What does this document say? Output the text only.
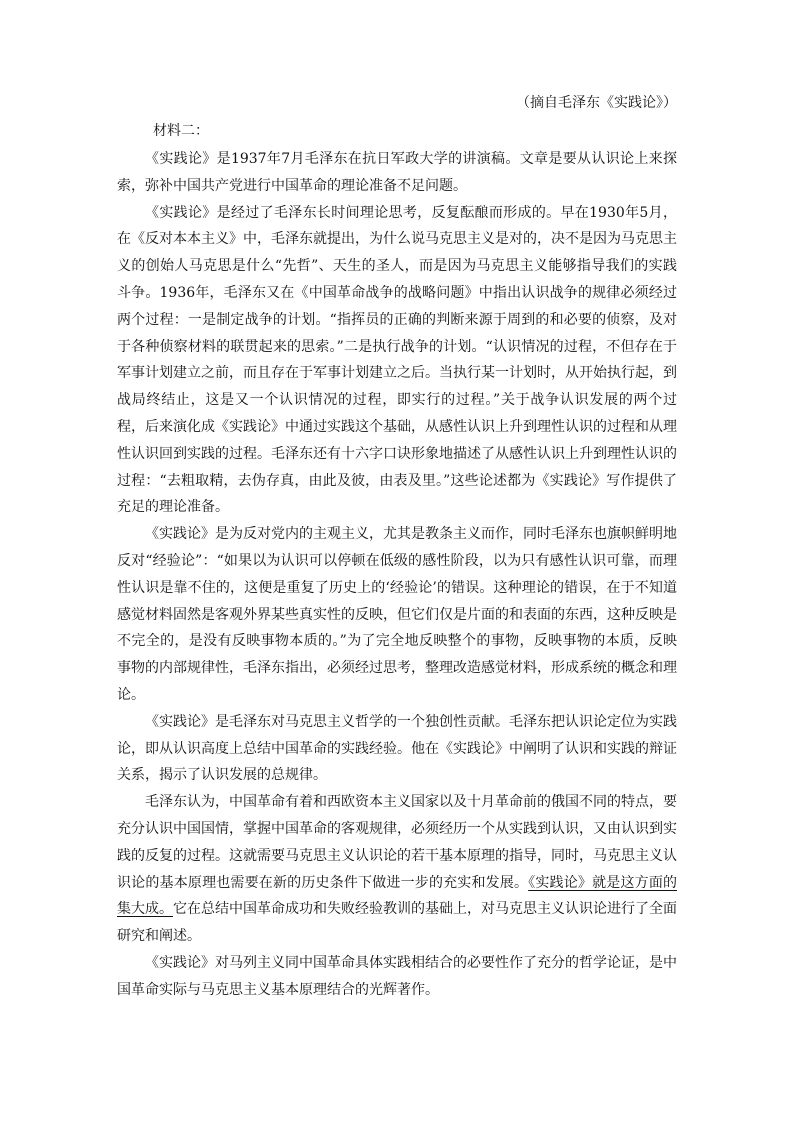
（摘自毛泽东《实践论》）
材料二：

《实践论》是1937年7月毛泽东在抗日军政大学的讲演稿。文章是要从认识论上来探索，弥补中国共产党进行中国革命的理论准备不足问题。

《实践论》是经过了毛泽东长时间理论思考，反复酝酿而形成的。早在1930年5月，在《反对本本主义》中，毛泽东就提出，为什么说马克思主义是对的，决不是因为马克思主义的创始人马克思是什么“先哲”、天生的圣人，而是因为马克思主义能够指导我们的实践斗争。1936年，毛泽东又在《中国革命战争的战略问题》中指出认识战争的规律必须经过两个过程：一是制定战争的计划。“指挥员的正确的判断来源于周到的和必要的侦察，及对于各种侦察材料的联贯起来的思索。”二是执行战争的计划。“认识情况的过程，不但存在于军事计划建立之前，而且存在于军事计划建立之后。当执行某一计划时，从开始执行起，到战局终结止，这是又一个认识情况的过程，即实行的过程。”关于战争认识发展的两个过程，后来演化成《实践论》中通过实践这个基础，从感性认识上升到理性认识的过程和从理性认识回到实践的过程。毛泽东还有十六字口诀形象地描述了从感性认识上升到理性认识的过程：“去粗取精，去伪存真，由此及彼，由表及里。”这些论述都为《实践论》写作提供了充足的理论准备。

《实践论》是为反对党内的主观主义，尤其是教条主义而作，同时毛泽东也旗帜鲜明地反对“经验论”：“如果以为认识可以停顿在低级的感性阶段，以为只有感性认识可靠，而理性认识是靠不住的，这便是重复了历史上的‘经验论’的错误。这种理论的错误，在于不知道感觉材料固然是客观外界某些真实性的反映，但它们仅是片面的和表面的东西，这种反映是不完全的，是没有反映事物本质的。”为了完全地反映整个的事物，反映事物的本质，反映事物的内部规律性，毛泽东指出，必须经过思考，整理改造感觉材料，形成系统的概念和理论。

《实践论》是毛泽东对马克思主义哲学的一个独创性贡献。毛泽东把认识论定位为实践论，即从认识高度上总结中国革命的实践经验。他在《实践论》中阐明了认识和实践的辩证关系，揭示了认识发展的总规律。

毛泽东认为，中国革命有着和西欧资本主义国家以及十月革命前的俄国不同的特点，要充分认识中国国情，掌握中国革命的客观规律，必须经历一个从实践到认识，又由认识到实践的反复的过程。这就需要马克思主义认识论的若干基本原理的指导，同时，马克思主义认识论的基本原理也需要在新的历史条件下做进一步的充实和发展。《实践论》就是这方面的集大成。它在总结中国革命成功和失败经验教训的基础上，对马克思主义认识论进行了全面研究和阐述。

《实践论》对马列主义同中国革命具体实践相结合的必要性作了充分的哲学论证，是中国革命实际与马克思主义基本原理结合的光辉著作。
